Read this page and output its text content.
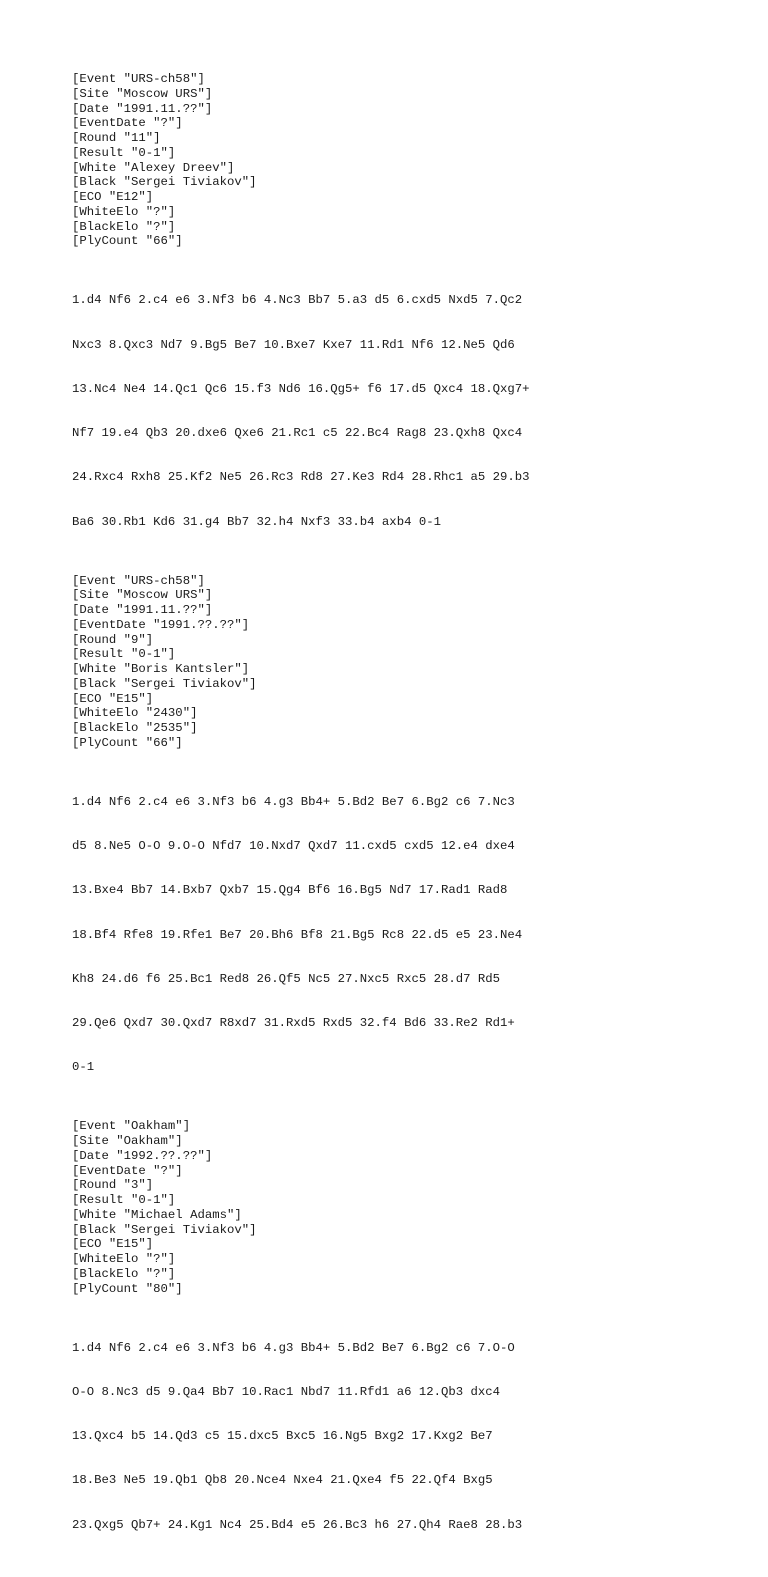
[Event "URS-ch58"]
[Site "Moscow URS"]
[Date "1991.11.??"]
[EventDate "?"]
[Round "11"]
[Result "0-1"]
[White "Alexey Dreev"]
[Black "Sergei Tiviakov"]
[ECO "E12"]
[WhiteElo "?"]
[BlackElo "?"]
[PlyCount "66"]

1.d4 Nf6 2.c4 e6 3.Nf3 b6 4.Nc3 Bb7 5.a3 d5 6.cxd5 Nxd5 7.Qc2

Nxc3 8.Qxc3 Nd7 9.Bg5 Be7 10.Bxe7 Kxe7 11.Rd1 Nf6 12.Ne5 Qd6

13.Nc4 Ne4 14.Qc1 Qc6 15.f3 Nd6 16.Qg5+ f6 17.d5 Qxc4 18.Qxg7+

Nf7 19.e4 Qb3 20.dxe6 Qxe6 21.Rc1 c5 22.Bc4 Rag8 23.Qxh8 Qxc4

24.Rxc4 Rxh8 25.Kf2 Ne5 26.Rc3 Rd8 27.Ke3 Rd4 28.Rhc1 a5 29.b3

Ba6 30.Rb1 Kd6 31.g4 Bb7 32.h4 Nxf3 33.b4 axb4 0-1

[Event "URS-ch58"]
[Site "Moscow URS"]
[Date "1991.11.??"]
[EventDate "1991.??.??"]
[Round "9"]
[Result "0-1"]
[White "Boris Kantsler"]
[Black "Sergei Tiviakov"]
[ECO "E15"]
[WhiteElo "2430"]
[BlackElo "2535"]
[PlyCount "66"]

1.d4 Nf6 2.c4 e6 3.Nf3 b6 4.g3 Bb4+ 5.Bd2 Be7 6.Bg2 c6 7.Nc3

d5 8.Ne5 O-O 9.O-O Nfd7 10.Nxd7 Qxd7 11.cxd5 cxd5 12.e4 dxe4

13.Bxe4 Bb7 14.Bxb7 Qxb7 15.Qg4 Bf6 16.Bg5 Nd7 17.Rad1 Rad8

18.Bf4 Rfe8 19.Rfe1 Be7 20.Bh6 Bf8 21.Bg5 Rc8 22.d5 e5 23.Ne4

Kh8 24.d6 f6 25.Bc1 Red8 26.Qf5 Nc5 27.Nxc5 Rxc5 28.d7 Rd5

29.Qe6 Qxd7 30.Qxd7 R8xd7 31.Rxd5 Rxd5 32.f4 Bd6 33.Re2 Rd1+

0-1

[Event "Oakham"]
[Site "Oakham"]
[Date "1992.??.??"]
[EventDate "?"]
[Round "3"]
[Result "0-1"]
[White "Michael Adams"]
[Black "Sergei Tiviakov"]
[ECO "E15"]
[WhiteElo "?"]
[BlackElo "?"]
[PlyCount "80"]

1.d4 Nf6 2.c4 e6 3.Nf3 b6 4.g3 Bb4+ 5.Bd2 Be7 6.Bg2 c6 7.O-O

O-O 8.Nc3 d5 9.Qa4 Bb7 10.Rac1 Nbd7 11.Rfd1 a6 12.Qb3 dxc4

13.Qxc4 b5 14.Qd3 c5 15.dxc5 Bxc5 16.Ng5 Bxg2 17.Kxg2 Be7

18.Be3 Ne5 19.Qb1 Qb8 20.Nce4 Nxe4 21.Qxe4 f5 22.Qf4 Bxg5

23.Qxg5 Qb7+ 24.Kg1 Nc4 25.Bd4 e5 26.Bc3 h6 27.Qh4 Rae8 28.b3
